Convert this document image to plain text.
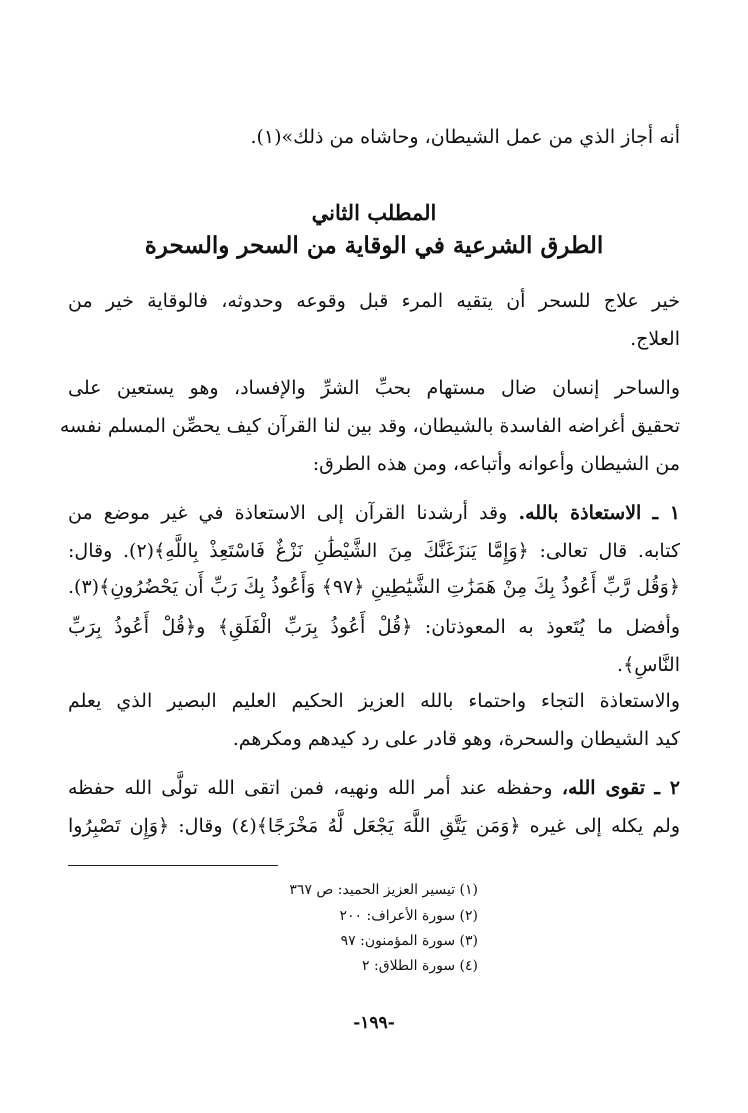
أنه أجاز الذي من عمل الشيطان، وحاشاه من ذلك»(١).
المطلب الثاني
الطرق الشرعية في الوقاية من السحر والسحرة
خير علاج للسحر أن يتقيه المرء قبل وقوعه وحدوثه، فالوقاية خير من
العلاج.
والساحر إنسان ضال مستهام بحبِّ الشرِّ والإفساد، وهو يستعين على
تحقيق أغراضه الفاسدة بالشيطان، وقد بين لنا القرآن كيف يحصِّن المسلم نفسه
من الشيطان وأعوانه وأتباعه، ومن هذه الطرق:
١ ـ الاستعاذة بالله. وقد أرشدنا القرآن إلى الاستعاذة في غير موضع من
كتابه. قال تعالى: ﴿وَإِمَّا يَنزَغَنَّكَ مِنَ الشَّيْطَٰنِ نَزْغٌ فَاسْتَعِذْ بِاللَّهِ﴾(٢). وقال:
﴿وَقُل رَّبِّ أَعُوذُ بِكَ مِنْ هَمَزَٰتِ الشَّيَٰطِينِ ﴿٩٧﴾ وَأَعُوذُ بِكَ رَبِّ أَن يَحْضُرُونِ﴾(٣).
وأفضل ما يُتَعوذ به المعوذتان: ﴿قُلْ أَعُوذُ بِرَبِّ الْفَلَقِ﴾ و﴿قُلْ أَعُوذُ بِرَبِّ
النَّاسِ﴾.
والاستعاذة التجاء واحتماء بالله العزيز الحكيم العليم البصير الذي يعلم
كيد الشيطان والسحرة، وهو قادر على رد كيدهم ومكرهم.
٢ ـ تقوى الله، وحفظه عند أمر الله ونهيه، فمن اتقى الله تولَّى الله حفظه
ولم يكله إلى غيره ﴿وَمَن يَتَّقِ اللَّهَ يَجْعَل لَّهُ مَخْرَجًا﴾(٤) وقال: ﴿وَإِن تَصْبِرُوا
(١) تيسير العزيز الحميد: ص ٣٦٧
(٢) سورة الأعراف: ٢٠٠
(٣) سورة المؤمنون: ٩٧
(٤) سورة الطلاق: ٢
-١٩٩-
